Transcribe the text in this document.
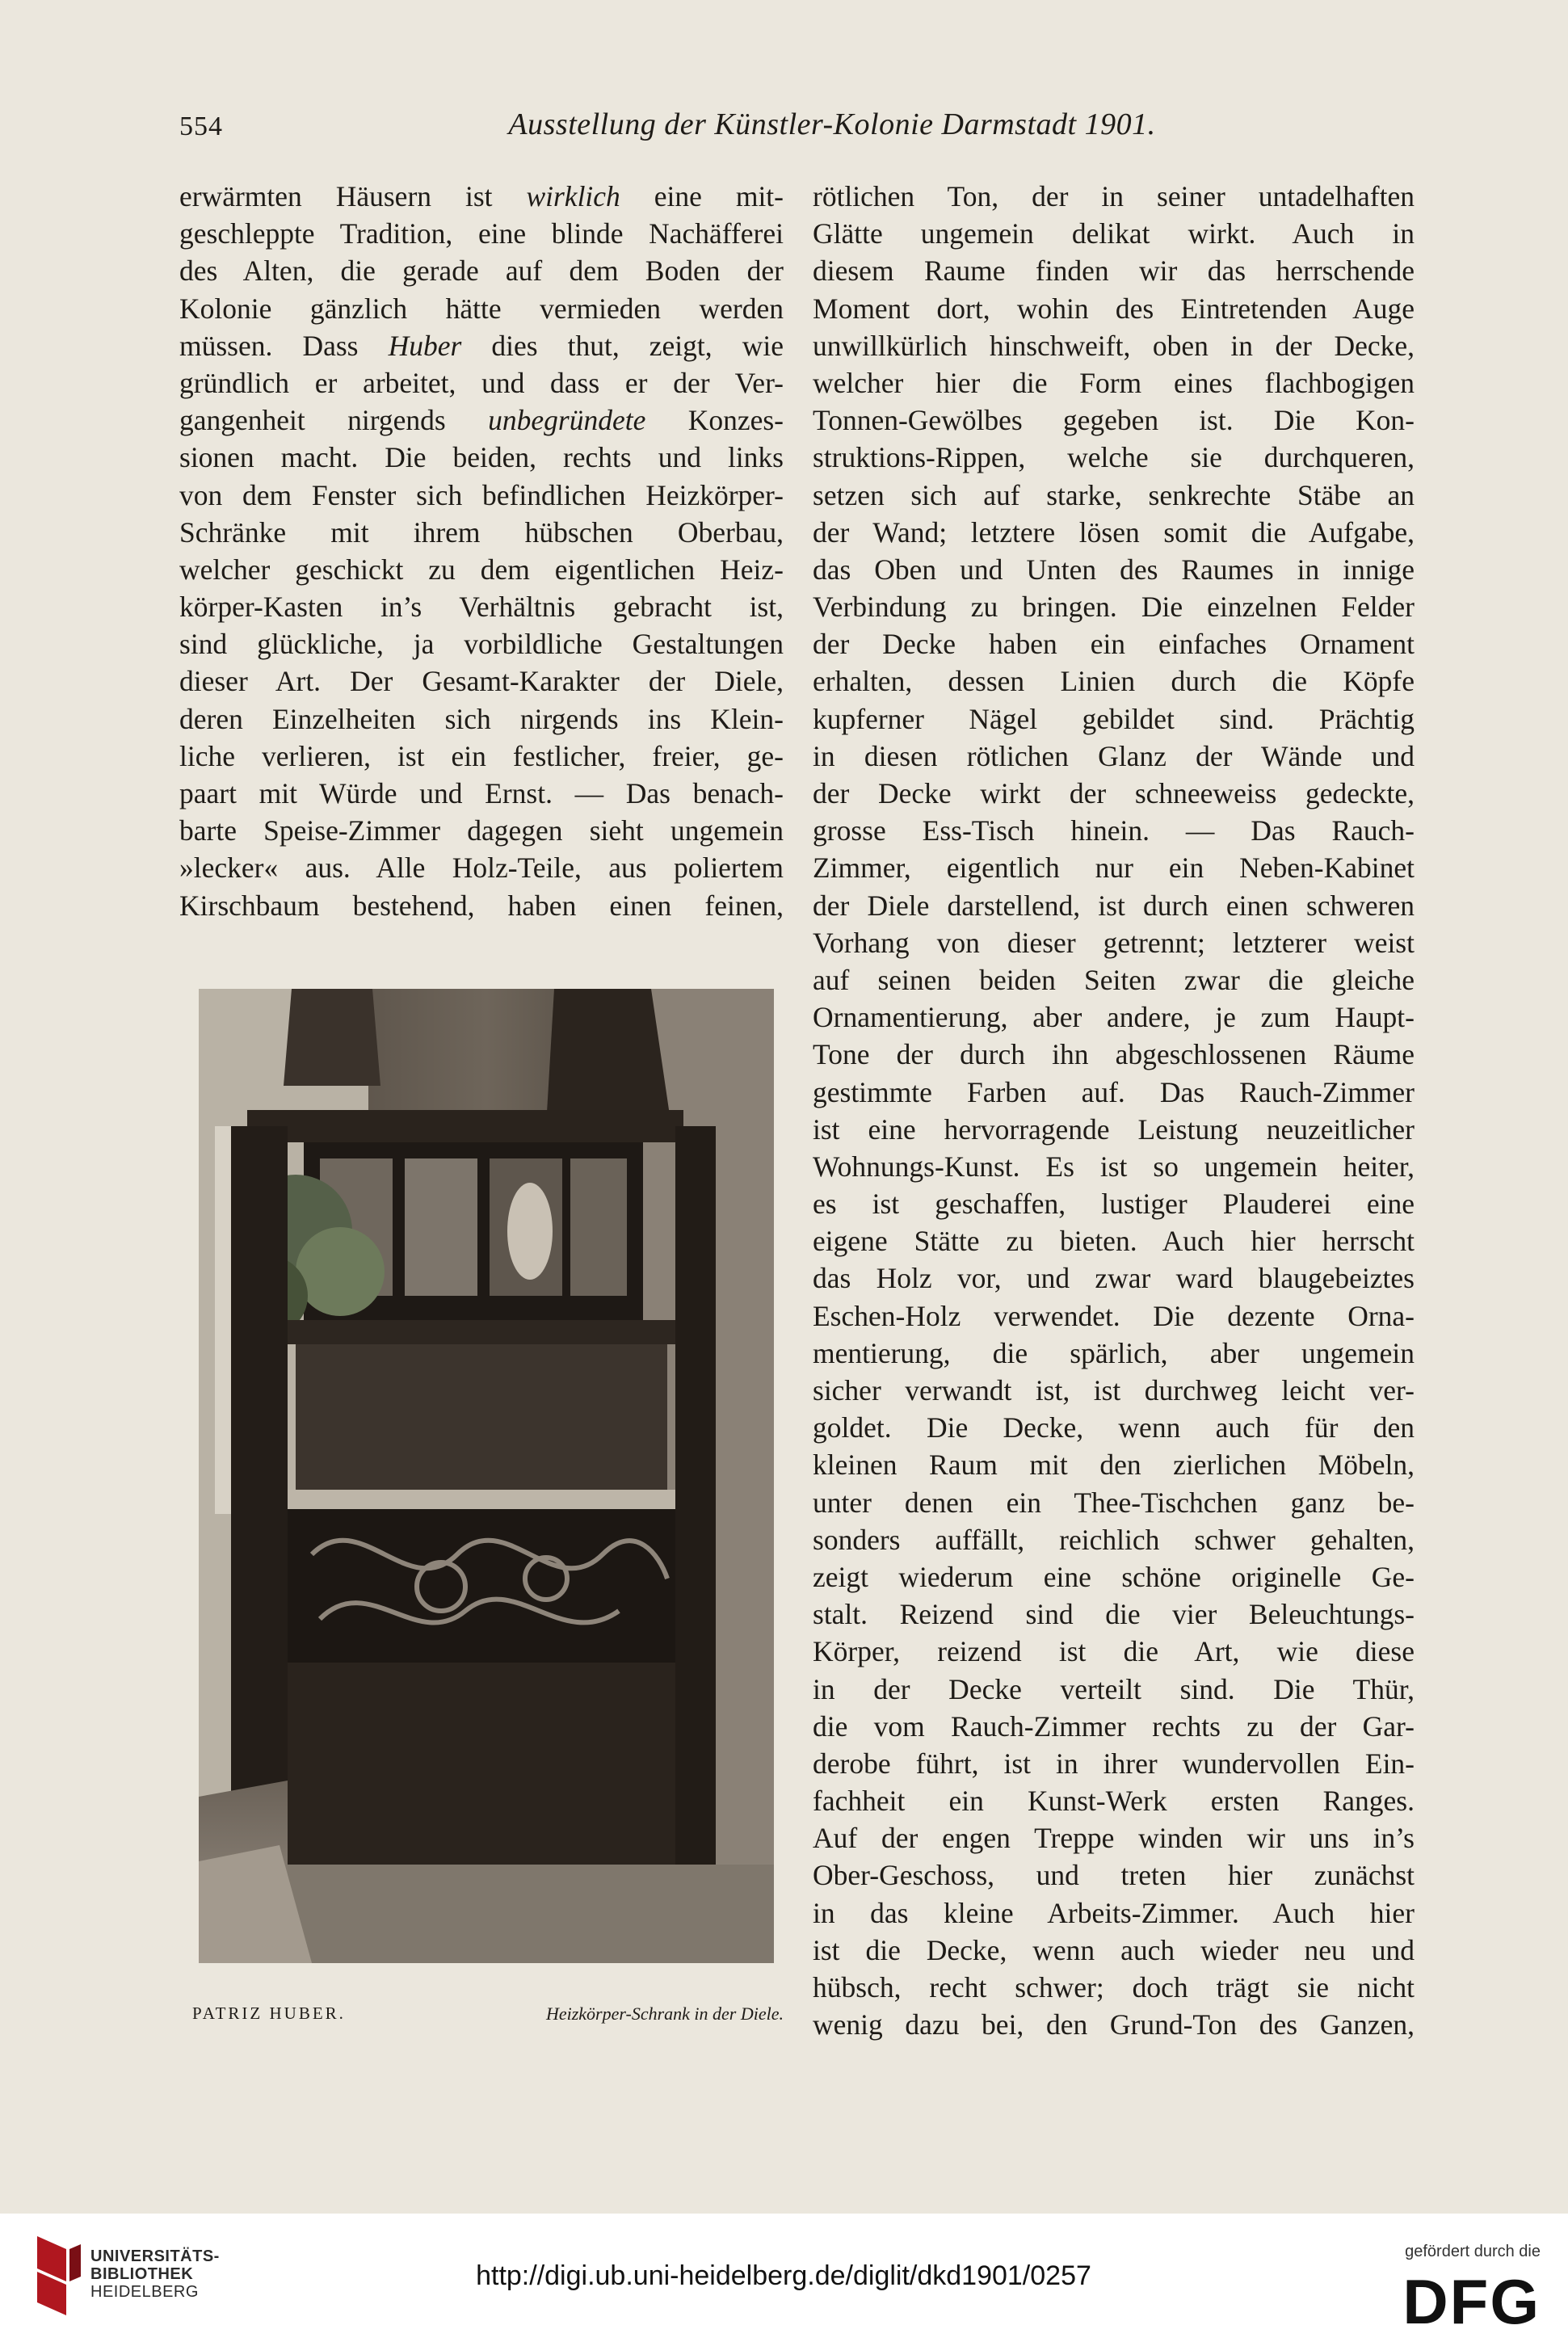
554	Ausstellung der Künstler-Kolonie Darmstadt 1901.
erwärmten Häusern ist wirklich eine mit-
geschleppte Tradition, eine blinde Nachäfferei
des Alten, die gerade auf dem Boden der
Kolonie gänzlich hätte vermieden werden
müssen. Dass Huber dies thut, zeigt, wie
gründlich er arbeitet, und dass er der Ver-
gangenheit nirgends unbegründete Konzes-
sionen macht. Die beiden, rechts und links
von dem Fenster sich befindlichen Heizkörper-
Schränke mit ihrem hübschen Oberbau,
welcher geschickt zu dem eigentlichen Heiz-
körper-Kasten in’s Verhältnis gebracht ist,
sind glückliche, ja vorbildliche Gestaltungen
dieser Art. Der Gesamt-Karakter der Diele,
deren Einzelheiten sich nirgends ins Klein-
liche verlieren, ist ein festlicher, freier, ge-
paart mit Würde und Ernst. — Das benach-
barte Speise-Zimmer dagegen sieht ungemein
»lecker« aus. Alle Holz-Teile, aus poliertem
Kirschbaum bestehend, haben einen feinen,
rötlichen Ton, der in seiner untadelhaften
Glätte ungemein delikat wirkt. Auch in
diesem Raume finden wir das herrschende
Moment dort, wohin des Eintretenden Auge
unwillkürlich hinschweift, oben in der Decke,
welcher hier die Form eines flachbogigen
Tonnen-Gewölbes gegeben ist. Die Kon-
struktions-Rippen, welche sie durchqueren,
setzen sich auf starke, senkrechte Stäbe an
der Wand; letztere lösen somit die Aufgabe,
das Oben und Unten des Raumes in innige
Verbindung zu bringen. Die einzelnen Felder
der Decke haben ein einfaches Ornament
erhalten, dessen Linien durch die Köpfe
kupferner Nägel gebildet sind. Prächtig
in diesen rötlichen Glanz der Wände und
der Decke wirkt der schneeweiss gedeckte,
grosse Ess-Tisch hinein. — Das Rauch-
Zimmer, eigentlich nur ein Neben-Kabinet
der Diele darstellend, ist durch einen schweren
Vorhang von dieser getrennt; letzterer weist
auf seinen beiden Seiten zwar die gleiche
Ornamentierung, aber andere, je zum Haupt-
Tone der durch ihn abgeschlossenen Räume
gestimmte Farben auf. Das Rauch-Zimmer
ist eine hervorragende Leistung neuzeitlicher
Wohnungs-Kunst. Es ist so ungemein heiter,
es ist geschaffen, lustiger Plauderei eine
eigene Stätte zu bieten. Auch hier herrscht
das Holz vor, und zwar ward blaugebeiztes
Eschen-Holz verwendet. Die dezente Orna-
mentierung, die spärlich, aber ungemein
sicher verwandt ist, ist durchweg leicht ver-
goldet. Die Decke, wenn auch für den
kleinen Raum mit den zierlichen Möbeln,
unter denen ein Thee-Tischchen ganz be-
sonders auffällt, reichlich schwer gehalten,
zeigt wiederum eine schöne originelle Ge-
stalt. Reizend sind die vier Beleuchtungs-
Körper, reizend ist die Art, wie diese
in der Decke verteilt sind. Die Thür,
die vom Rauch-Zimmer rechts zu der Gar-
derobe führt, ist in ihrer wundervollen Ein-
fachheit ein Kunst-Werk ersten Ranges.
Auf der engen Treppe winden wir uns in’s
Ober-Geschoss, und treten hier zunächst
in das kleine Arbeits-Zimmer. Auch hier
ist die Decke, wenn auch wieder neu und
hübsch, recht schwer; doch trägt sie nicht
wenig dazu bei, den Grund-Ton des Ganzen,
PATRIZ HUBER.	Heizkörper-Schrank in der Diele.
UNIVERSITÄTS-
BIBLIOTHEK
HEIDELBERG
http://digi.ub.uni-heidelberg.de/diglit/dkd1901/0257
gefördert durch die
DFG
